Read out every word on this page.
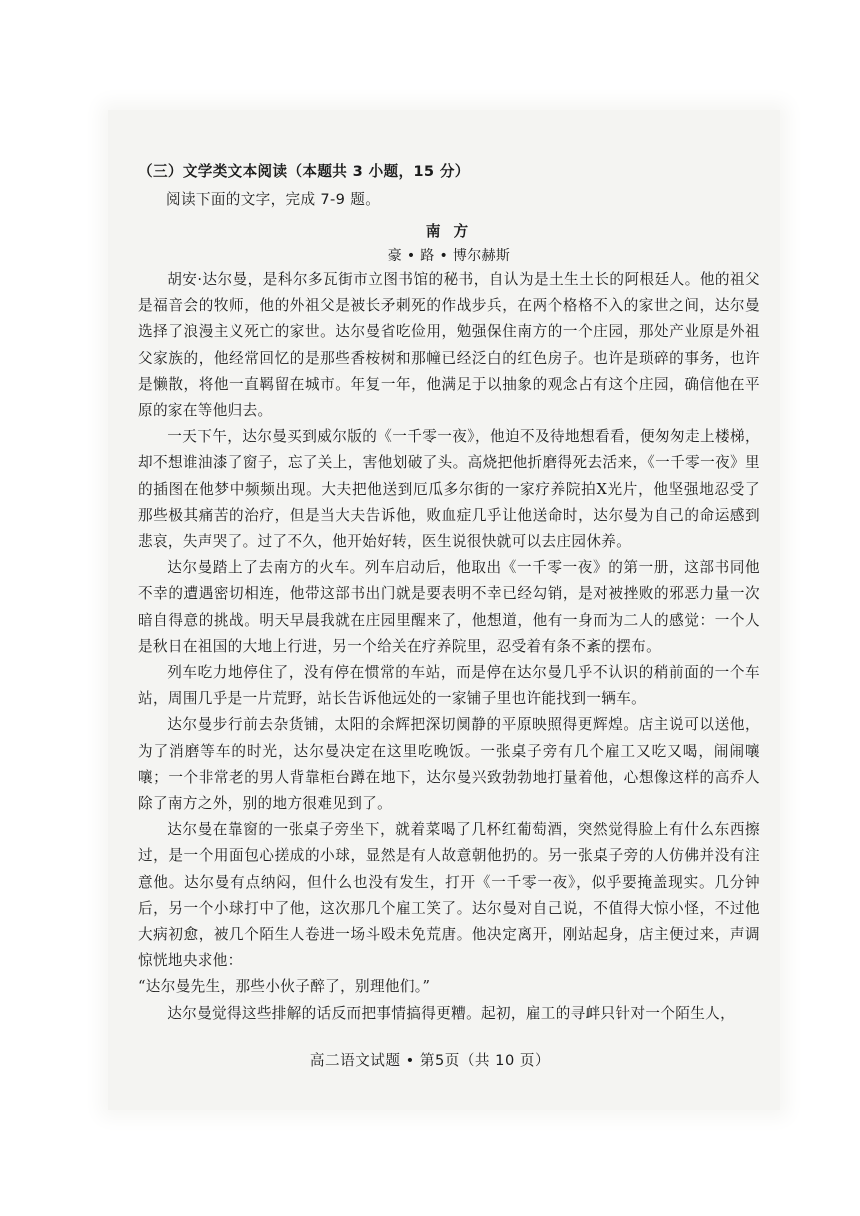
（三）文学类文本阅读（本题共 3 小题，15 分）

阅读下面的文字，完成 7-9 题。

南 方

豪 • 路 • 博尔赫斯

胡安·达尔曼，是科尔多瓦街市立图书馆的秘书，自认为是土生土长的阿根廷人。他的祖父是福音会的牧师，他的外祖父是被长矛刺死的作战步兵，在两个格格不入的家世之间，达尔曼选择了浪漫主义死亡的家世。达尔曼省吃俭用，勉强保住南方的一个庄园，那处产业原是外祖父家族的，他经常回忆的是那些香桉树和那幢已经泛白的红色房子。也许是琐碎的事务，也许是懒散，将他一直羁留在城市。年复一年，他满足于以抽象的观念占有这个庄园，确信他在平原的家在等他归去。

一天下午，达尔曼买到威尔版的《一千零一夜》，他迫不及待地想看看，便匆匆走上楼梯，却不想谁油漆了窗子，忘了关上，害他划破了头。高烧把他折磨得死去活来，《一千零一夜》里的插图在他梦中频频出现。大夫把他送到厄瓜多尔街的一家疗养院拍X光片，他坚强地忍受了那些极其痛苦的治疗，但是当大夫告诉他，败血症几乎让他送命时，达尔曼为自己的命运感到悲哀，失声哭了。过了不久，他开始好转，医生说很快就可以去庄园休养。

达尔曼踏上了去南方的火车。列车启动后，他取出《一千零一夜》的第一册，这部书同他不幸的遭遇密切相连，他带这部书出门就是要表明不幸已经勾销，是对被挫败的邪恶力量一次暗自得意的挑战。明天早晨我就在庄园里醒来了，他想道，他有一身而为二人的感觉：一个人是秋日在祖国的大地上行进，另一个给关在疗养院里，忍受着有条不紊的摆布。

列车吃力地停住了，没有停在惯常的车站，而是停在达尔曼几乎不认识的稍前面的一个车站，周围几乎是一片荒野，站长告诉他远处的一家铺子里也许能找到一辆车。

达尔曼步行前去杂货铺，太阳的余辉把深切阒静的平原映照得更辉煌。店主说可以送他，为了消磨等车的时光，达尔曼决定在这里吃晚饭。一张桌子旁有几个雇工又吃又喝，闹闹嚷嚷；一个非常老的男人背靠柜台蹲在地下，达尔曼兴致勃勃地打量着他，心想像这样的高乔人除了南方之外，别的地方很难见到了。

达尔曼在靠窗的一张桌子旁坐下，就着菜喝了几杯红葡萄酒，突然觉得脸上有什么东西擦过，是一个用面包心搓成的小球，显然是有人故意朝他扔的。另一张桌子旁的人仿佛并没有注意他。达尔曼有点纳闷，但什么也没有发生，打开《一千零一夜》，似乎要掩盖现实。几分钟后，另一个小球打中了他，这次那几个雇工笑了。达尔曼对自己说，不值得大惊小怪，不过他大病初愈，被几个陌生人卷进一场斗殴未免荒唐。他决定离开，刚站起身，店主便过来，声调惊恍地央求他：

“达尔曼先生，那些小伙子醉了，别理他们。”

达尔曼觉得这些排解的话反而把事情搞得更糟。起初，雇工的寻衅只针对一个陌生人，

高二语文试题 • 第5页（共 10 页）
